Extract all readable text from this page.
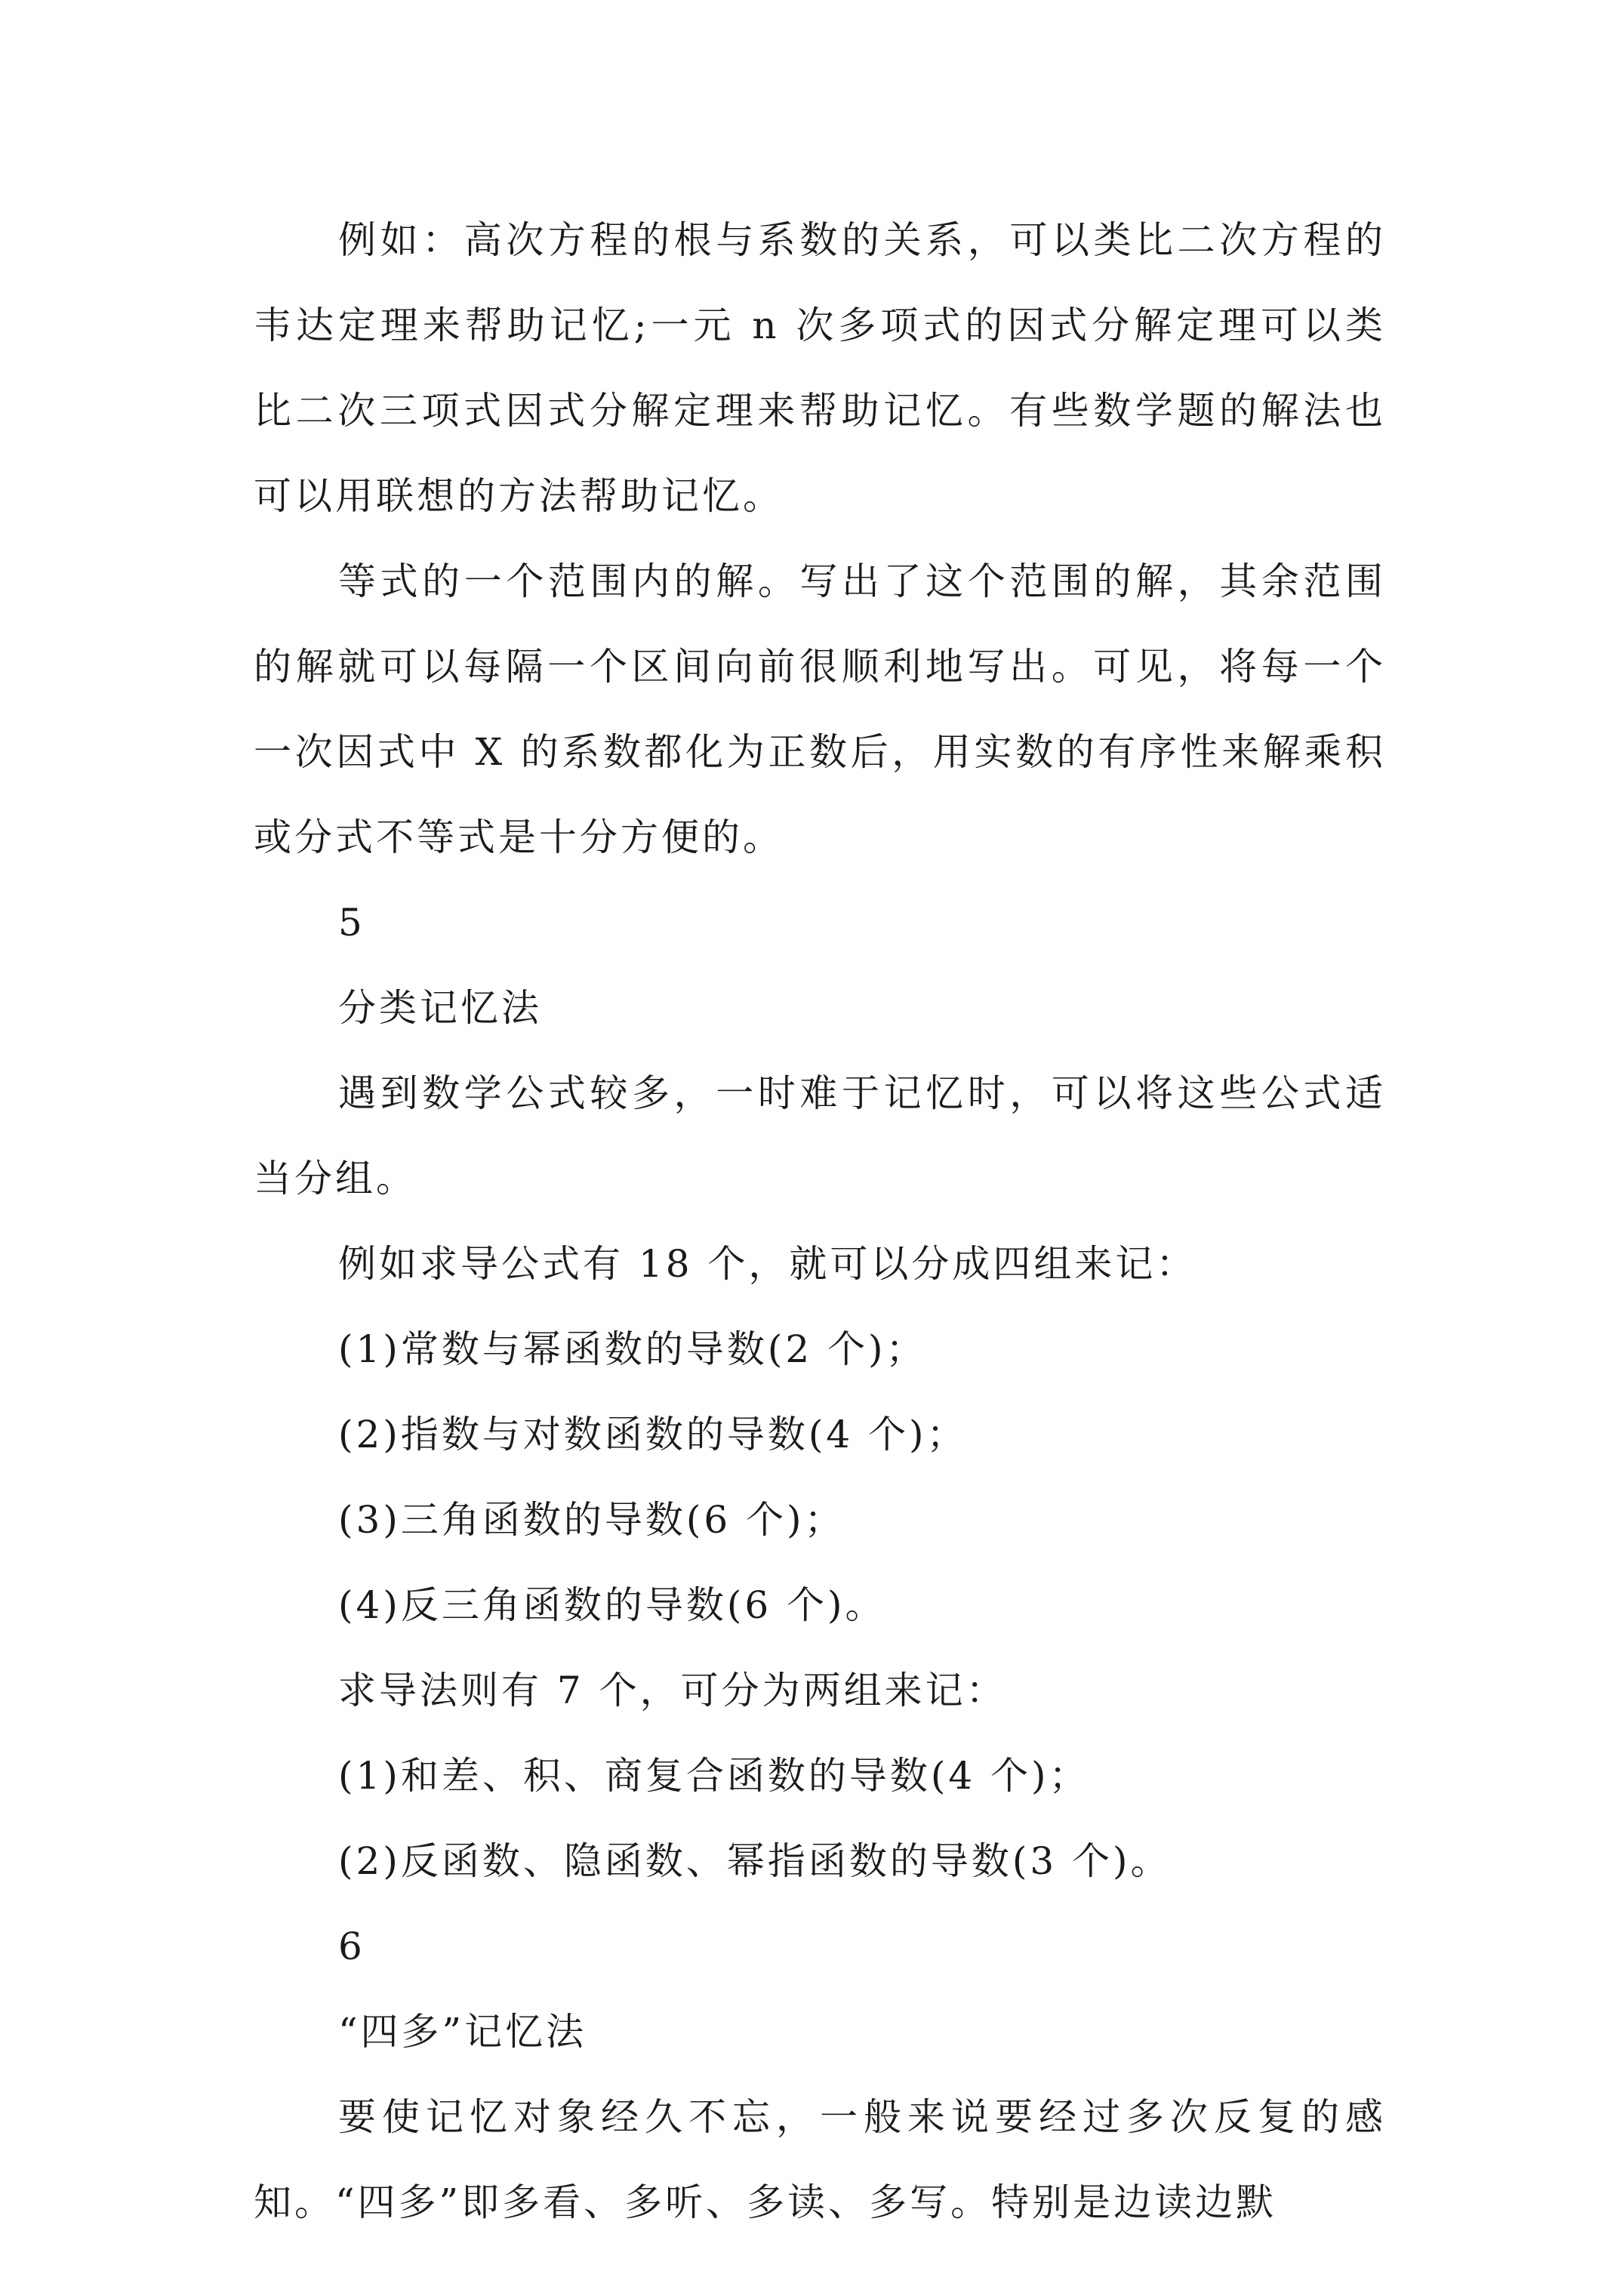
例如：高次方程的根与系数的关系，可以类比二次方程的韦达定理来帮助记忆;一元 n 次多项式的因式分解定理可以类比二次三项式因式分解定理来帮助记忆。有些数学题的解法也可以用联想的方法帮助记忆。

等式的一个范围内的解。写出了这个范围的解，其余范围的解就可以每隔一个区间向前很顺利地写出。可见，将每一个一次因式中 X 的系数都化为正数后，用实数的有序性来解乘积或分式不等式是十分方便的。

5

分类记忆法

遇到数学公式较多，一时难于记忆时，可以将这些公式适当分组。

例如求导公式有 18 个，就可以分成四组来记：

(1)常数与幂函数的导数(2 个)；

(2)指数与对数函数的导数(4 个)；

(3)三角函数的导数(6 个)；

(4)反三角函数的导数(6 个)。

求导法则有 7 个，可分为两组来记：

(1)和差、积、商复合函数的导数(4 个)；

(2)反函数、隐函数、幂指函数的导数(3 个)。

6

“四多”记忆法

要使记忆对象经久不忘，一般来说要经过多次反复的感知。“四多”即多看、多听、多读、多写。特别是边读边默
